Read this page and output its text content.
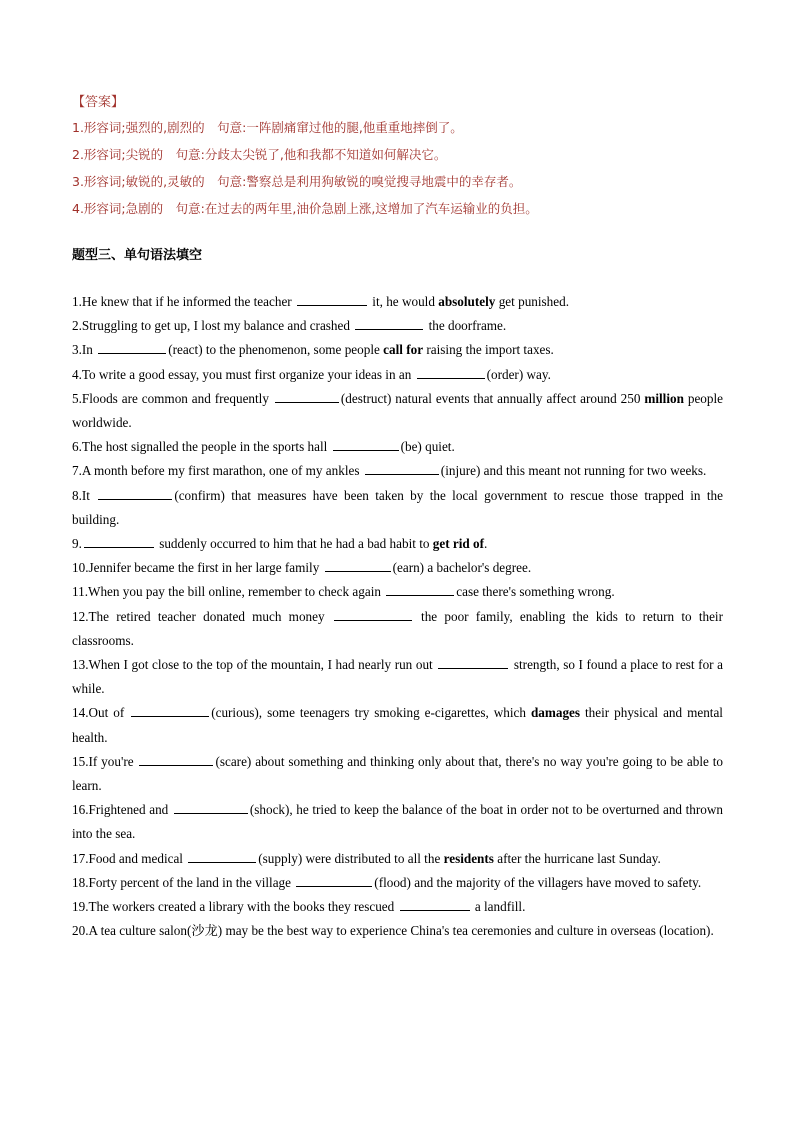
【答案】
1.形容词;强烈的,剧烈的　句意:一阵剧痛窜过他的腿,他重重地摔倒了。
2.形容词;尖锐的　句意:分歧太尖锐了,他和我都不知道如何解决它。
3.形容词;敏锐的,灵敏的　句意:警察总是利用狗敏锐的嗅觉搜寻地震中的幸存者。
4.形容词;急剧的　句意:在过去的两年里,油价急剧上涨,这增加了汽车运输业的负担。
题型三、单句语法填空
1.He knew that if he informed the teacher	it, he would absolutely get punished.
2.Struggling to get up, I lost my balance and crashed	the doorframe.
3.In	(react) to the phenomenon, some people call for raising the import taxes.
4.To write a good essay, you must first organize your ideas in an	(order) way.
5.Floods are common and frequently	(destruct) natural events that annually affect around 250 million people worldwide.
6.The host signalled the people in the sports hall	(be) quiet.
7.A month before my first marathon, one of my ankles	(injure) and this meant not running for two weeks.
8.It	(confirm) that measures have been taken by the local government to rescue those trapped in the building.
9.	suddenly occurred to him that he had a bad habit to get rid of.
10.Jennifer became the first in her large family	(earn) a bachelor's degree.
11.When you pay the bill online, remember to check again	case there's something wrong.
12.The retired teacher donated much money	the poor family, enabling the kids to return to their classrooms.
13.When I got close to the top of the mountain, I had nearly run out	strength, so I found a place to rest for a while.
14.Out of	(curious), some teenagers try smoking e-cigarettes, which damages their physical and mental health.
15.If you're	(scare) about something and thinking only about that, there's no way you're going to be able to learn.
16.Frightened and	(shock), he tried to keep the balance of the boat in order not to be overturned and thrown into the sea.
17.Food and medical	(supply) were distributed to all the residents after the hurricane last Sunday.
18.Forty percent of the land in the village	(flood) and the majority of the villagers have moved to safety.
19.The workers created a library with the books they rescued	a landfill.
20.A tea culture salon(沙龙) may be the best way to experience China's tea ceremonies and culture in overseas (location).
